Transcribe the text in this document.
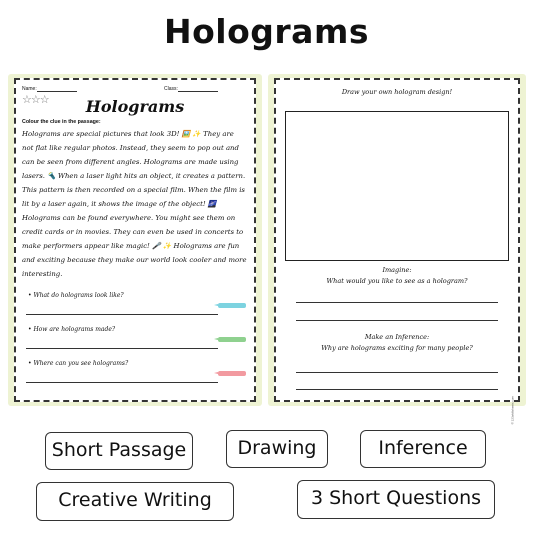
Holograms
Name:	Class:
☆☆☆	Holograms
Colour the clue in the passage:
Holograms are special pictures that look 3D! 🖼️ ✨ They are
not flat like regular photos. Instead, they seem to pop out and
can be seen from different angles. Holograms are made using
lasers. 🔦 When a laser light hits an object, it creates a pattern.
This pattern is then recorded on a special film. When the film is
lit by a laser again, it shows the image of the object! 🌌
Holograms can be found everywhere. You might see them on
credit cards or in movies. They can even be used in concerts to
make performers appear like magic! 🎤 ✨ Holograms are fun
and exciting because they make our world look cooler and more
interesting.
• What do holograms look like?
• How are holograms made?
• Where can you see holograms?
Draw your own hologram design!
Imagine:
What would you like to see as a hologram?
Make an Inference:
Why are holograms exciting for many people?
© 123skillsheets.com
Short Passage	Drawing	Inference
Creative Writing	3 Short Questions
